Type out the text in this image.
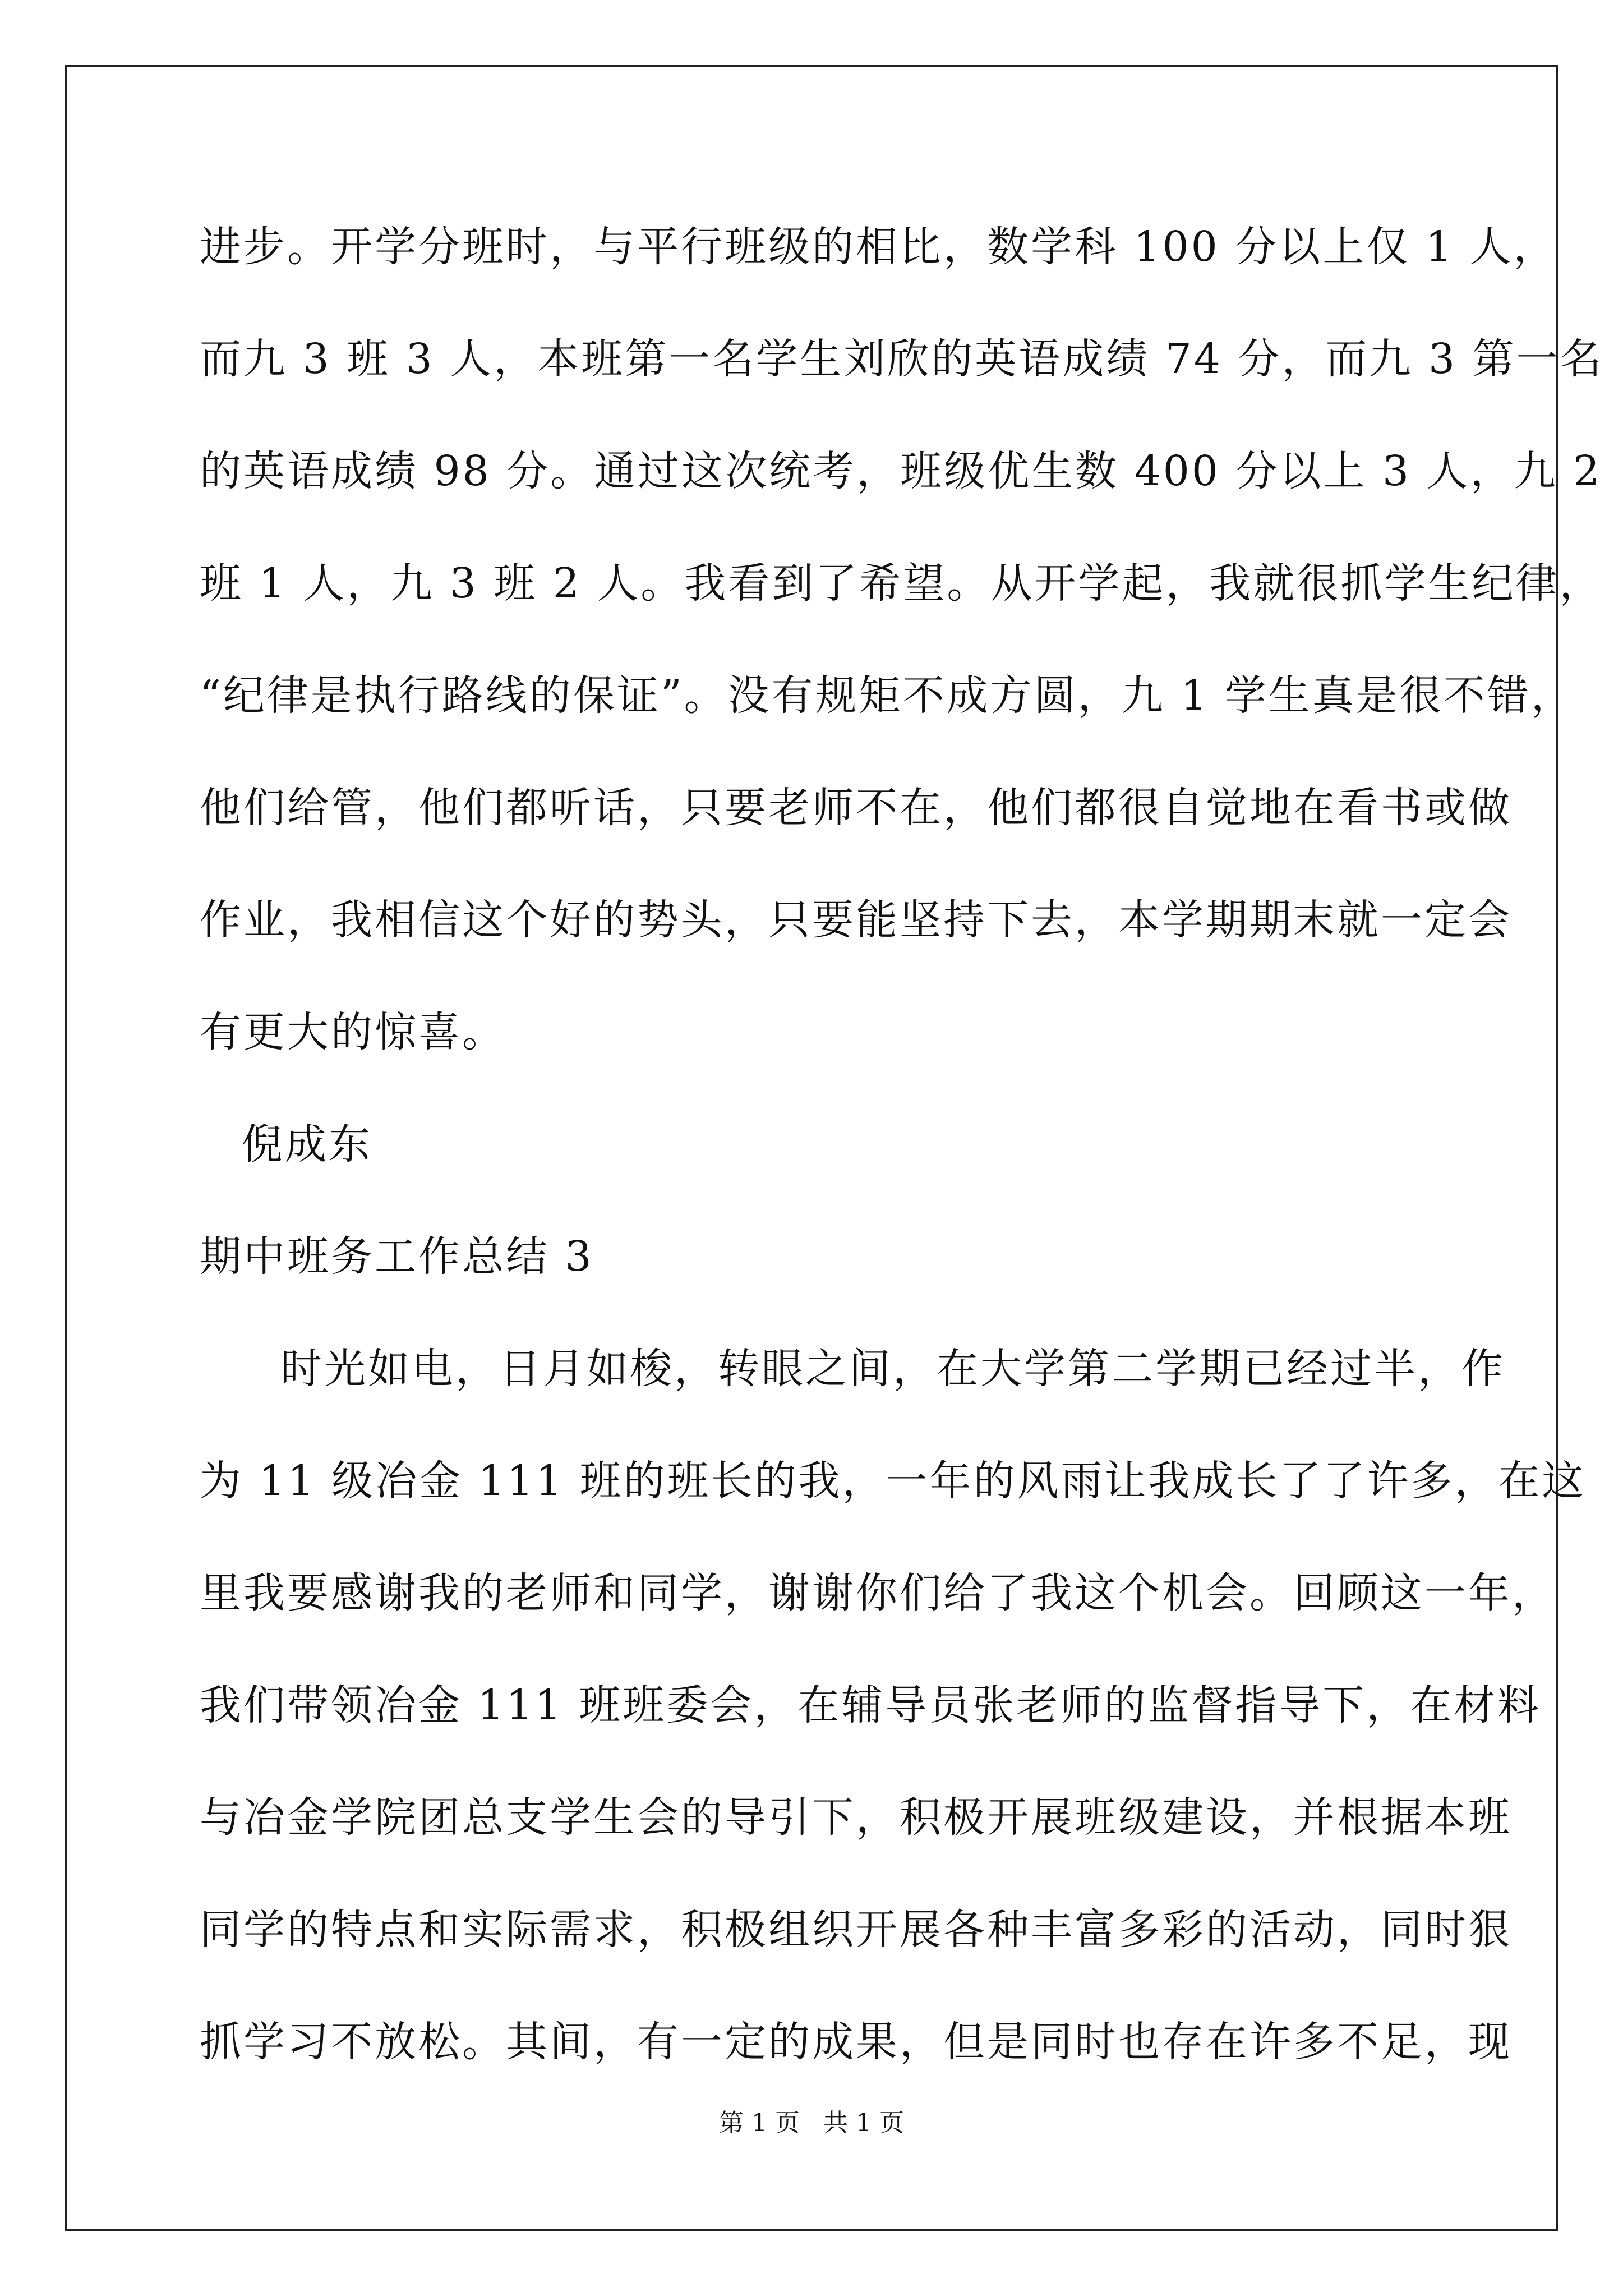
进步。开学分班时，与平行班级的相比，数学科 100 分以上仅 1 人，
而九 3 班 3 人，本班第一名学生刘欣的英语成绩 74 分，而九 3 第一名
的英语成绩 98 分。通过这次统考，班级优生数 400 分以上 3 人，九 2
班 1 人，九 3 班 2 人。我看到了希望。从开学起，我就很抓学生纪律，
“纪律是执行路线的保证”。没有规矩不成方圆，九 1 学生真是很不错，
他们给管，他们都听话，只要老师不在，他们都很自觉地在看书或做
作业，我相信这个好的势头，只要能坚持下去，本学期期末就一定会
有更大的惊喜。
倪成东
期中班务工作总结 3
时光如电，日月如梭，转眼之间，在大学第二学期已经过半，作
为 11 级冶金 111 班的班长的我，一年的风雨让我成长了了许多，在这
里我要感谢我的老师和同学，谢谢你们给了我这个机会。回顾这一年，
我们带领冶金 111 班班委会，在辅导员张老师的监督指导下，在材料
与冶金学院团总支学生会的导引下，积极开展班级建设，并根据本班
同学的特点和实际需求，积极组织开展各种丰富多彩的活动，同时狠
抓学习不放松。其间，有一定的成果，但是同时也存在许多不足，现
第 1 页   共 1 页
